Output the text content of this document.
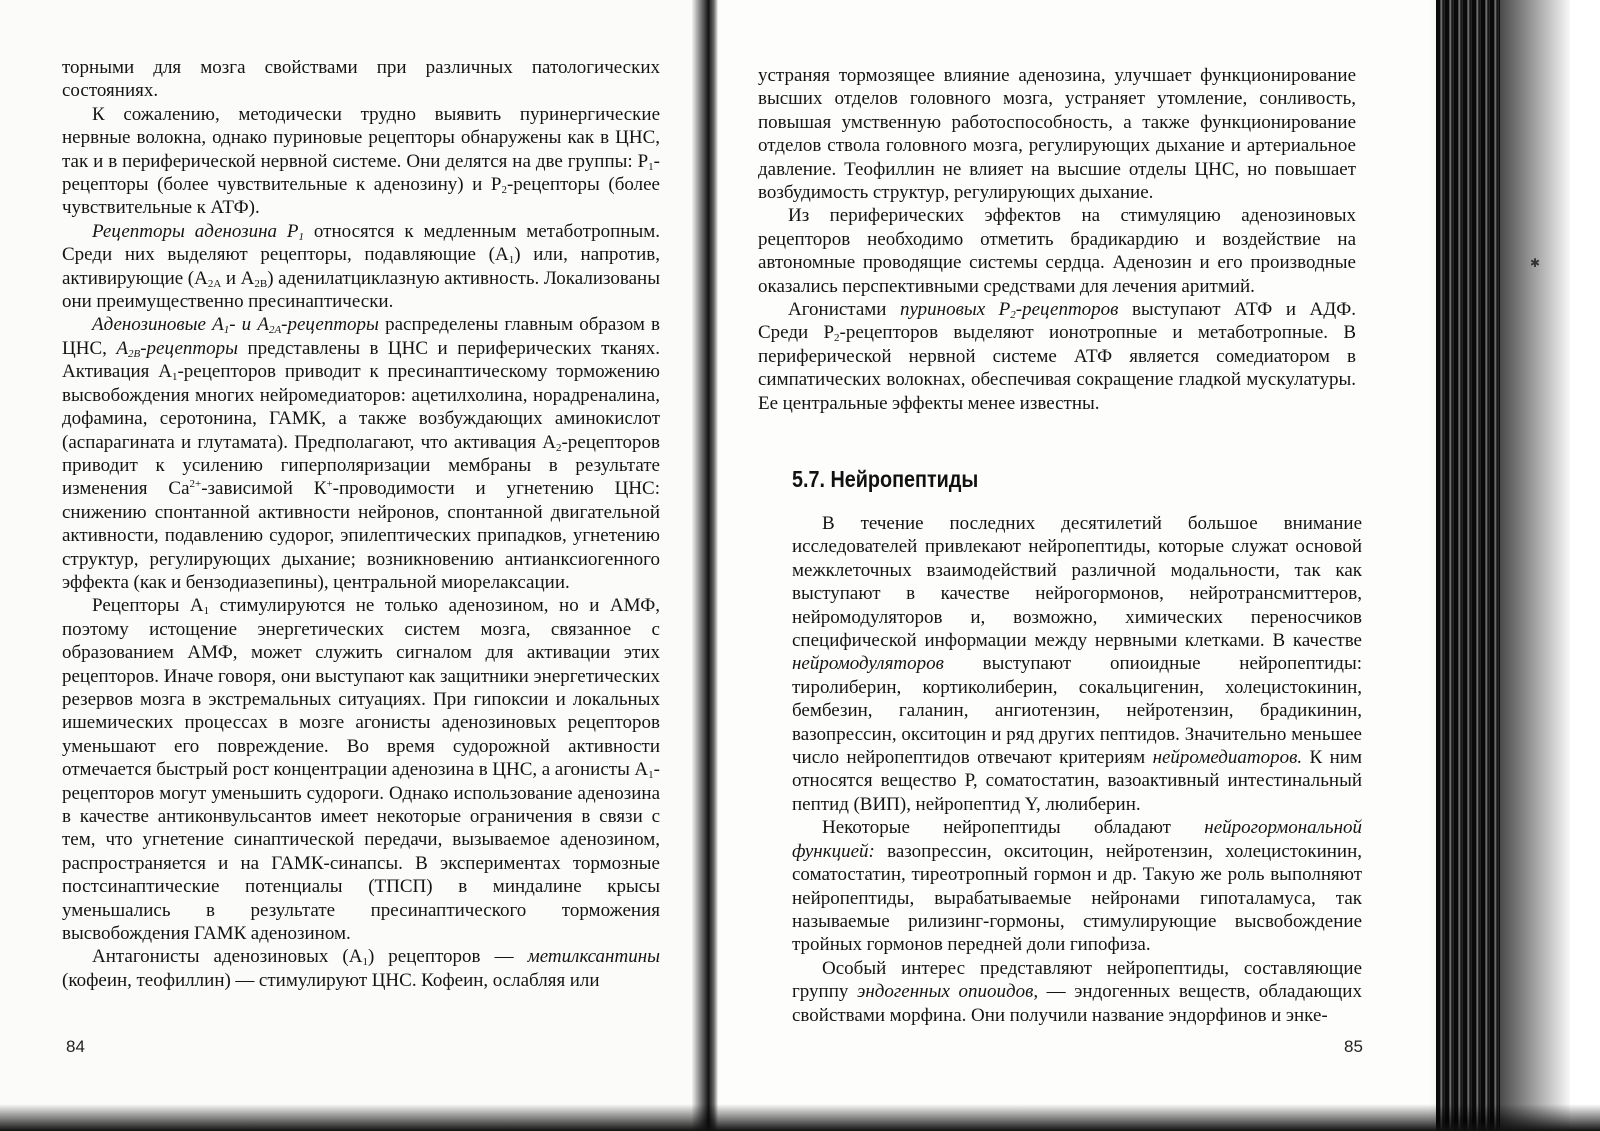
✱

торными для мозга свойствами при различных патологических состояниях.

К сожалению, методически трудно выявить пуринергические нервные волокна, однако пуриновые рецепторы обнаружены как в ЦНС, так и в периферической нервной системе. Они делятся на две группы: $Р_1$-рецепторы (более чувствительные к аденозину) и $Р_2$-рецепторы (более чувствительные к АТФ).

Рецепторы аденозина $Р_1$ относятся к медленным метаботропным. Среди них выделяют рецепторы, подавляющие $(А_1)$ или, напротив, активирующие ($А_{2А}$ и $А_{2В}$) аденилатциклазную активность. Локализованы они преимущественно пресинаптически.

Аденозиновые $А_1-$ и $А_{2А}$-рецепторы распределены главным образом в ЦНС, $А_{2В}$-рецепторы представлены в ЦНС и периферических тканях. Активация $А_1$-рецепторов приводит к пресинаптическому торможению высвобождения многих нейромедиаторов: ацетилхолина, норадреналина, дофамина, серотонина, ГАМК, а также возбуждающих аминокислот (аспарагината и глутамата). Предполагают, что активация $А_2$-рецепторов приводит к усилению гиперполяризации мембраны в результате изменения $Са^{2+}$-зависимой К+-проводимости и угнетению ЦНС: снижению спонтанной активности нейронов, спонтанной двигательной активности, подавлению судорог, эпилептических припадков, угнетению структур, регулирующих дыхание; возникновению антианксиогенного эффекта (как и бензодиазепины), центральной миорелаксации.

Рецепторы $А_1$ стимулируются не только аденозином, но и АМФ, поэтому истощение энергетических систем мозга, связанное с образованием АМФ, может служить сигналом для активации этих рецепторов. Иначе говоря, они выступают как защитники энергетических резервов мозга в экстремальных ситуациях. При гипоксии и локальных ишемических процессах в мозге агонисты аденозиновых рецепторов уменьшают его повреждение. Во время судорожной активности отмечается быстрый рост концентрации аденозина в ЦНС, а агонисты $А_1$-рецепторов могут уменьшить судороги. Однако использование аденозина в качестве антиконвульсантов имеет некоторые ограничения в связи с тем, что угнетение синаптической передачи, вызываемое аденозином, распространяется и на ГАМК-синапсы. В экспериментах тормозные постсинаптические потенциалы (ТПСП) в миндалине крысы уменьшались в результате пресинаптического торможения высвобождения ГАМК аденозином.

Антагонисты аденозиновых $(А_1)$ рецепторов — метилксантины (кофеин, теофиллин) — стимулируют ЦНС. Кофеин, ослабляя или

устраняя тормозящее влияние аденозина, улучшает функционирование высших отделов головного мозга, устраняет утомление, сонливость, повышая умственную работоспособность, а также функционирование отделов ствола головного мозга, регулирующих дыхание и артериальное давление. Теофиллин не влияет на высшие отделы ЦНС, но повышает возбудимость структур, регулирующих дыхание.

Из периферических эффектов на стимуляцию аденозиновых рецепторов необходимо отметить брадикардию и воздействие на автономные проводящие системы сердца. Аденозин и его производные оказались перспективными средствами для лечения аритмий.

Агонистами пуриновых $Р_2$-рецепторов выступают АТФ и АДФ. Среди $Р_2$-рецепторов выделяют ионотропные и метаботропные. В периферической нервной системе АТФ является сомедиатором в симпатических волокнах, обеспечивая сокращение гладкой мускулатуры. Ее центральные эффекты менее известны.

5.7. Нейропептиды

В течение последних десятилетий большое внимание исследователей привлекают нейропептиды, которые служат основой межклеточных взаимодействий различной модальности, так как выступают в качестве нейрогормонов, нейротрансмиттеров, нейромодуляторов и, возможно, химических переносчиков специфической информации между нервными клетками. В качестве нейромодуляторов выступают опиоидные нейропептиды: тиролиберин, кортиколиберин, сокальцигенин, холецистокинин, бембезин, галанин, ангиотензин, нейротензин, брадикинин, вазопрессин, окситоцин и ряд других пептидов. Значительно меньшее число нейропептидов отвечают критериям нейромедиаторов. К ним относятся вещество Р, соматостатин, вазоактивный интестинальный пептид (ВИП), нейропептид Y, люлиберин.

Некоторые нейропептиды обладают нейрогормональной функцией: вазопрессин, окситоцин, нейротензин, холецистокинин, соматостатин, тиреотропный гормон и др. Такую же роль выполняют нейропептиды, вырабатываемые нейронами гипоталамуса, так называемые рилизинг-гормоны, стимулирующие высвобождение тройных гормонов передней доли гипофиза.

Особый интерес представляют нейропептиды, составляющие группу эндогенных опиоидов, — эндогенных веществ, обладающих свойствами морфина. Они получили название эндорфинов и энке-

84	85
